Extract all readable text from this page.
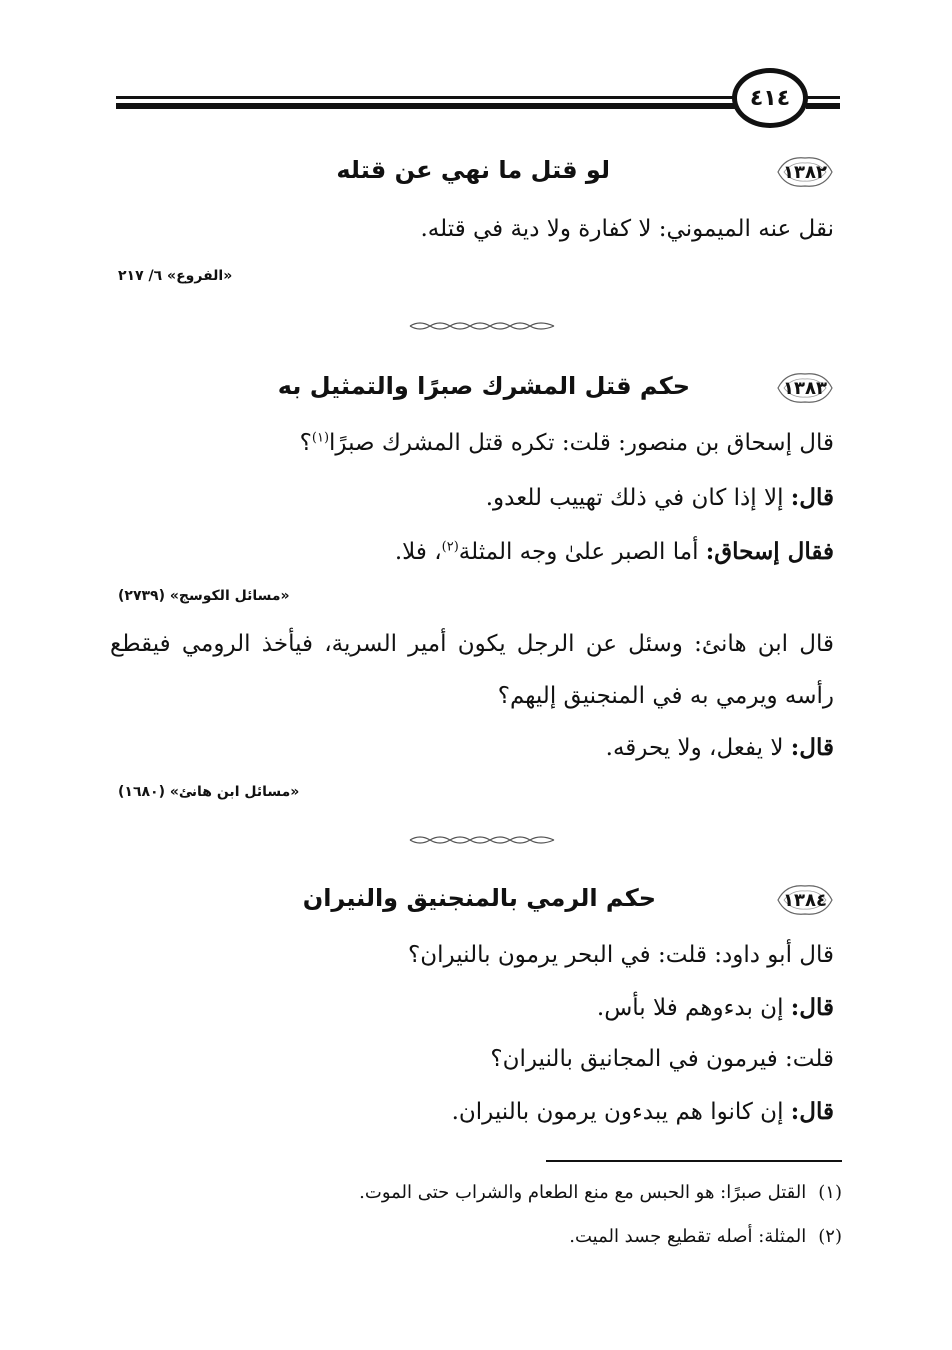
٤١٤
١٣٨٢
لو قتل ما نهي عن قتله
نقل عنه الميموني: لا كفارة ولا دية في قتله.
«الفروع» ٦/ ٢١٧
١٣٨٣
حكم قتل المشرك صبرًا والتمثيل به
قال إسحاق بن منصور: قلت: تكره قتل المشرك صبرًا$^{(١)}$؟
قال: إلا إذا كان في ذلك تهييب للعدو.
فقال إسحاق: أما الصبر علىٰ وجه المثلة$^{(٢)}$، فلا.
«مسائل الكوسج» (٢٧٣٩)
قال ابن هانئ: وسئل عن الرجل يكون أمير السرية، فيأخذ الرومي فيقطع رأسه ويرمي به في المنجنيق إليهم؟
قال: لا يفعل، ولا يحرقه.
«مسائل ابن هانئ» (١٦٨٠)
١٣٨٤
حكم الرمي بالمنجنيق والنيران
قال أبو داود: قلت: في البحر يرمون بالنيران؟
قال: إن بدءوهم فلا بأس.
قلت: فيرمون في المجانيق بالنيران؟
قال: إن كانوا هم يبدءون يرمون بالنيران.
(١)القتل صبرًا: هو الحبس مع منع الطعام والشراب حتى الموت.
(٢)المثلة: أصله تقطيع جسد الميت.
